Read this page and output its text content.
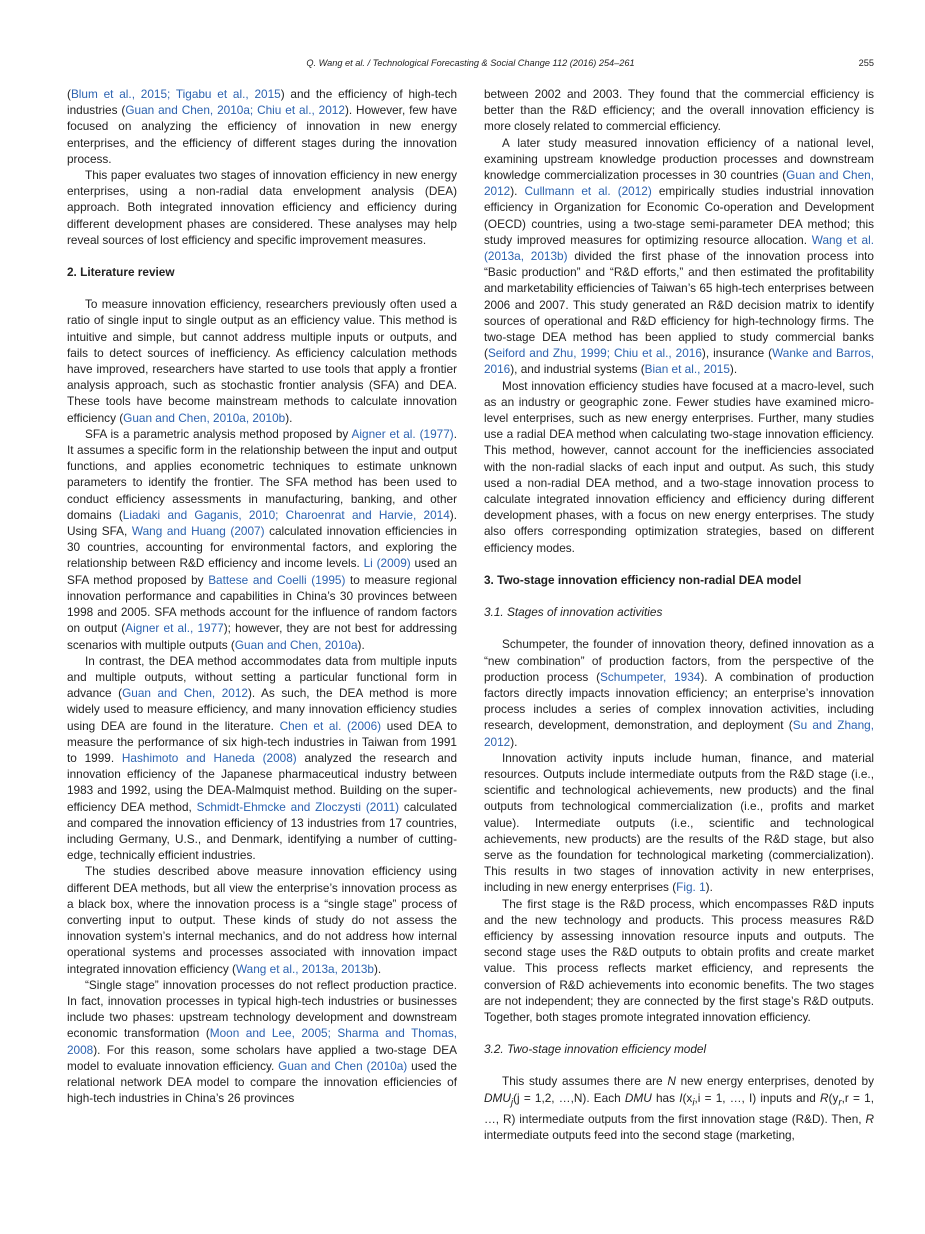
Q. Wang et al. / Technological Forecasting & Social Change 112 (2016) 254–261	255

(Blum et al., 2015; Tigabu et al., 2015) and the efficiency of high-tech industries (Guan and Chen, 2010a; Chiu et al., 2012). However, few have focused on analyzing the efficiency of innovation in new energy enterprises, and the efficiency of different stages during the innovation process.

This paper evaluates two stages of innovation efficiency in new energy enterprises, using a non-radial data envelopment analysis (DEA) approach. Both integrated innovation efficiency and efficiency during different development phases are considered. These analyses may help reveal sources of lost efficiency and specific improvement measures.

2. Literature review

To measure innovation efficiency, researchers previously often used a ratio of single input to single output as an efficiency value. This method is intuitive and simple, but cannot address multiple inputs or outputs, and fails to detect sources of inefficiency. As efficiency calculation methods have improved, researchers have started to use tools that apply a frontier analysis approach, such as stochastic frontier analysis (SFA) and DEA. These tools have become mainstream methods to calculate innovation efficiency (Guan and Chen, 2010a, 2010b).

SFA is a parametric analysis method proposed by Aigner et al. (1977). It assumes a specific form in the relationship between the input and output functions, and applies econometric techniques to estimate unknown parameters to identify the frontier. The SFA method has been used to conduct efficiency assessments in manufacturing, banking, and other domains (Liadaki and Gaganis, 2010; Charoenrat and Harvie, 2014). Using SFA, Wang and Huang (2007) calculated innovation efficiencies in 30 countries, accounting for environmental factors, and exploring the relationship between R&D efficiency and income levels. Li (2009) used an SFA method proposed by Battese and Coelli (1995) to measure regional innovation performance and capabilities in China’s 30 provinces between 1998 and 2005. SFA methods account for the influence of random factors on output (Aigner et al., 1977); however, they are not best for addressing scenarios with multiple outputs (Guan and Chen, 2010a).

In contrast, the DEA method accommodates data from multiple inputs and multiple outputs, without setting a particular functional form in advance (Guan and Chen, 2012). As such, the DEA method is more widely used to measure efficiency, and many innovation efficiency studies using DEA are found in the literature. Chen et al. (2006) used DEA to measure the performance of six high-tech industries in Taiwan from 1991 to 1999. Hashimoto and Haneda (2008) analyzed the research and innovation efficiency of the Japanese pharmaceutical industry between 1983 and 1992, using the DEA-Malmquist method. Building on the super-efficiency DEA method, Schmidt-Ehmcke and Zloczysti (2011) calculated and compared the innovation efficiency of 13 industries from 17 countries, including Germany, U.S., and Denmark, identifying a number of cutting-edge, technically efficient industries.

The studies described above measure innovation efficiency using different DEA methods, but all view the enterprise’s innovation process as a black box, where the innovation process is a “single stage” process of converting input to output. These kinds of study do not assess the innovation system’s internal mechanics, and do not address how internal operational systems and processes associated with innovation impact integrated innovation efficiency (Wang et al., 2013a, 2013b).

“Single stage” innovation processes do not reflect production practice. In fact, innovation processes in typical high-tech industries or businesses include two phases: upstream technology development and downstream economic transformation (Moon and Lee, 2005; Sharma and Thomas, 2008). For this reason, some scholars have applied a two-stage DEA model to evaluate innovation efficiency. Guan and Chen (2010a) used the relational network DEA model to compare the innovation efficiencies of high-tech industries in China’s 26 provinces

between 2002 and 2003. They found that the commercial efficiency is better than the R&D efficiency; and the overall innovation efficiency is more closely related to commercial efficiency.

A later study measured innovation efficiency of a national level, examining upstream knowledge production processes and downstream knowledge commercialization processes in 30 countries (Guan and Chen, 2012). Cullmann et al. (2012) empirically studies industrial innovation efficiency in Organization for Economic Co-operation and Development (OECD) countries, using a two-stage semi-parameter DEA method; this study improved measures for optimizing resource allocation. Wang et al. (2013a, 2013b) divided the first phase of the innovation process into “Basic production” and “R&D efforts,” and then estimated the profitability and marketability efficiencies of Taiwan’s 65 high-tech enterprises between 2006 and 2007. This study generated an R&D decision matrix to identify sources of operational and R&D efficiency for high-technology firms. The two-stage DEA method has been applied to study commercial banks (Seiford and Zhu, 1999; Chiu et al., 2016), insurance (Wanke and Barros, 2016), and industrial systems (Bian et al., 2015).

Most innovation efficiency studies have focused at a macro-level, such as an industry or geographic zone. Fewer studies have examined micro-level enterprises, such as new energy enterprises. Further, many studies use a radial DEA method when calculating two-stage innovation efficiency. This method, however, cannot account for the inefficiencies associated with the non-radial slacks of each input and output. As such, this study used a non-radial DEA method, and a two-stage innovation process to calculate integrated innovation efficiency and efficiency during different development phases, with a focus on new energy enterprises. The study also offers corresponding optimization strategies, based on different efficiency modes.

3. Two-stage innovation efficiency non-radial DEA model
3.1. Stages of innovation activities

Schumpeter, the founder of innovation theory, defined innovation as a “new combination” of production factors, from the perspective of the production process (Schumpeter, 1934). A combination of production factors directly impacts innovation efficiency; an enterprise’s innovation process includes a series of complex innovation activities, including research, development, demonstration, and deployment (Su and Zhang, 2012).

Innovation activity inputs include human, finance, and material resources. Outputs include intermediate outputs from the R&D stage (i.e., scientific and technological achievements, new products) and the final outputs from technological commercialization (i.e., profits and market value). Intermediate outputs (i.e., scientific and technological achievements, new products) are the results of the R&D stage, but also serve as the foundation for technological marketing (commercialization). This results in two stages of innovation activity in new enterprises, including in new energy enterprises (Fig. 1).

The first stage is the R&D process, which encompasses R&D inputs and the new technology and products. This process measures R&D efficiency by assessing innovation resource inputs and outputs. The second stage uses the R&D outputs to obtain profits and create market value. This process reflects market efficiency, and represents the conversion of R&D achievements into economic benefits. The two stages are not independent; they are connected by the first stage’s R&D outputs. Together, both stages promote integrated innovation efficiency.

3.2. Two-stage innovation efficiency model

This study assumes there are N new energy enterprises, denoted by $DMU_j(j = 1,2$, …,N). Each DMU has $I(x_i,i = 1$, …, I) inputs and $R(y_r,r = 1$, …, R) intermediate outputs from the first innovation stage (R&D). Then, R intermediate outputs feed into the second stage (marketing,
